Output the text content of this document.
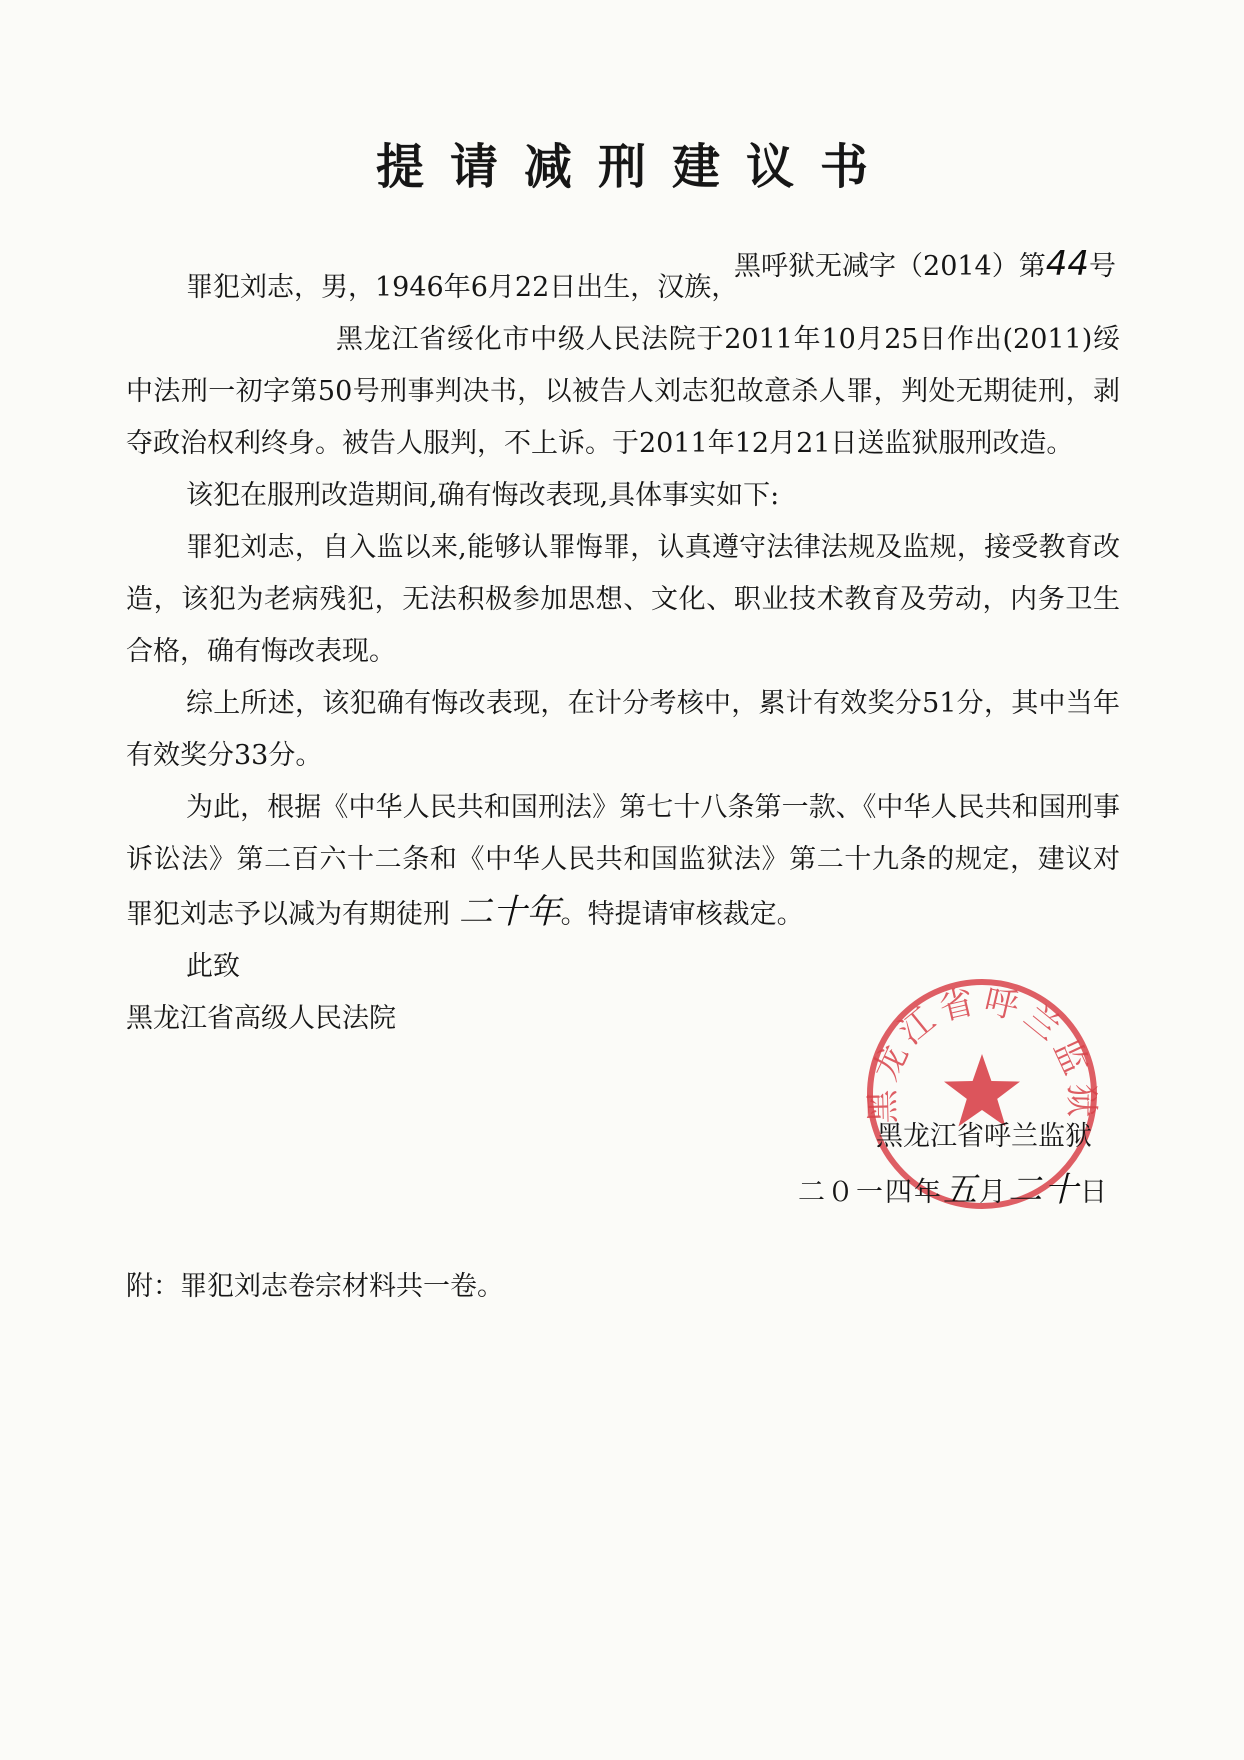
提请减刑建议书
黑呼狱无减字（2014）第44号

罪犯刘志，男，1946年6月22日出生，汉族，

黑龙江省绥化市中级人民法院于2011年10月25日作出(2011)绥中法刑一初字第50号刑事判决书，以被告人刘志犯故意杀人罪，判处无期徒刑，剥夺政治权利终身。被告人服判，不上诉。于2011年12月21日送监狱服刑改造。

该犯在服刑改造期间,确有悔改表现,具体事实如下:

罪犯刘志，自入监以来,能够认罪悔罪，认真遵守法律法规及监规，接受教育改造，该犯为老病残犯，无法积极参加思想、文化、职业技术教育及劳动，内务卫生合格，确有悔改表现。

综上所述，该犯确有悔改表现，在计分考核中，累计有效奖分51分，其中当年有效奖分33分。

为此，根据《中华人民共和国刑法》第七十八条第一款、《中华人民共和国刑事诉讼法》第二百六十二条和《中华人民共和国监狱法》第二十九条的规定，建议对罪犯刘志予以减为有期徒刑 二十年。特提请审核裁定。

此致

黑龙江省高级人民法院

黑龙江省呼兰监狱
黑龙江省呼兰监狱
二０一四年五月二十日
附：罪犯刘志卷宗材料共一卷。
